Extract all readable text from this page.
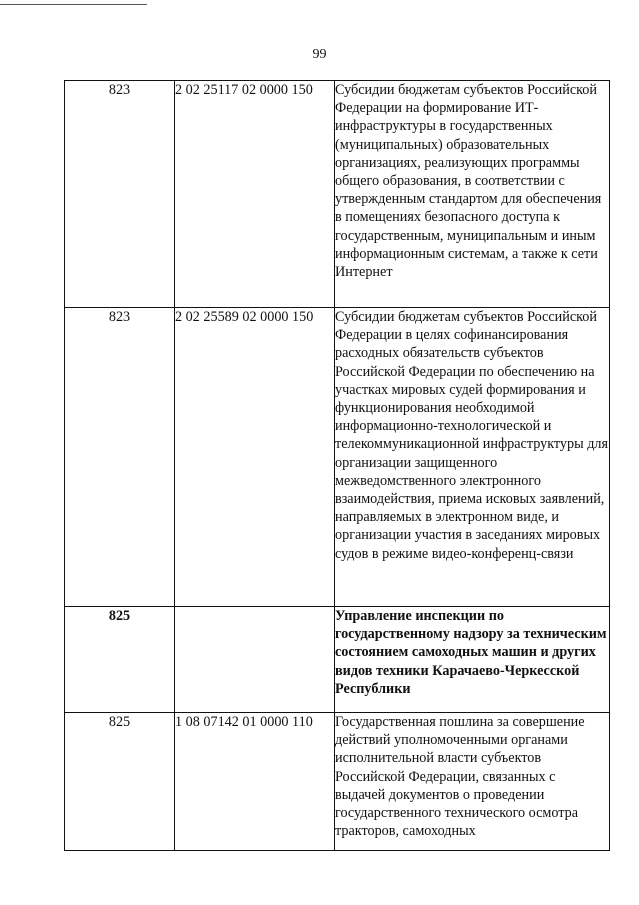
99
823	2 02 25117 02 0000 150	Субсидии бюджетам субъектов Российской Федерации на формирование ИТ-инфраструктуры в государственных (муниципальных) образовательных организациях, реализующих программы общего образования, в соответствии с утвержденным стандартом для обеспечения в помещениях безопасного доступа к государственным, муниципальным и иным информационным системам, а также к сети Интернет
823	2 02 25589 02 0000 150	Субсидии бюджетам субъектов Российской Федерации в целях софинансирования расходных обязательств субъектов Российской Федерации по обеспечению на участках мировых судей формирования и функционирования необходимой информационно-технологической и телекоммуникационной инфраструктуры для организации защищенного межведомственного электронного взаимодействия, приема исковых заявлений, направляемых в электронном виде, и организации участия в заседаниях мировых судов в режиме видео-конференц-связи
825		Управление инспекции по государственному надзору за техническим состоянием самоходных машин и других видов техники Карачаево-Черкесской Республики
825	1 08 07142 01 0000 110	Государственная пошлина за совершение действий уполномоченными органами исполнительной власти субъектов Российской Федерации, связанных с выдачей документов о проведении государственного технического осмотра тракторов, самоходных
